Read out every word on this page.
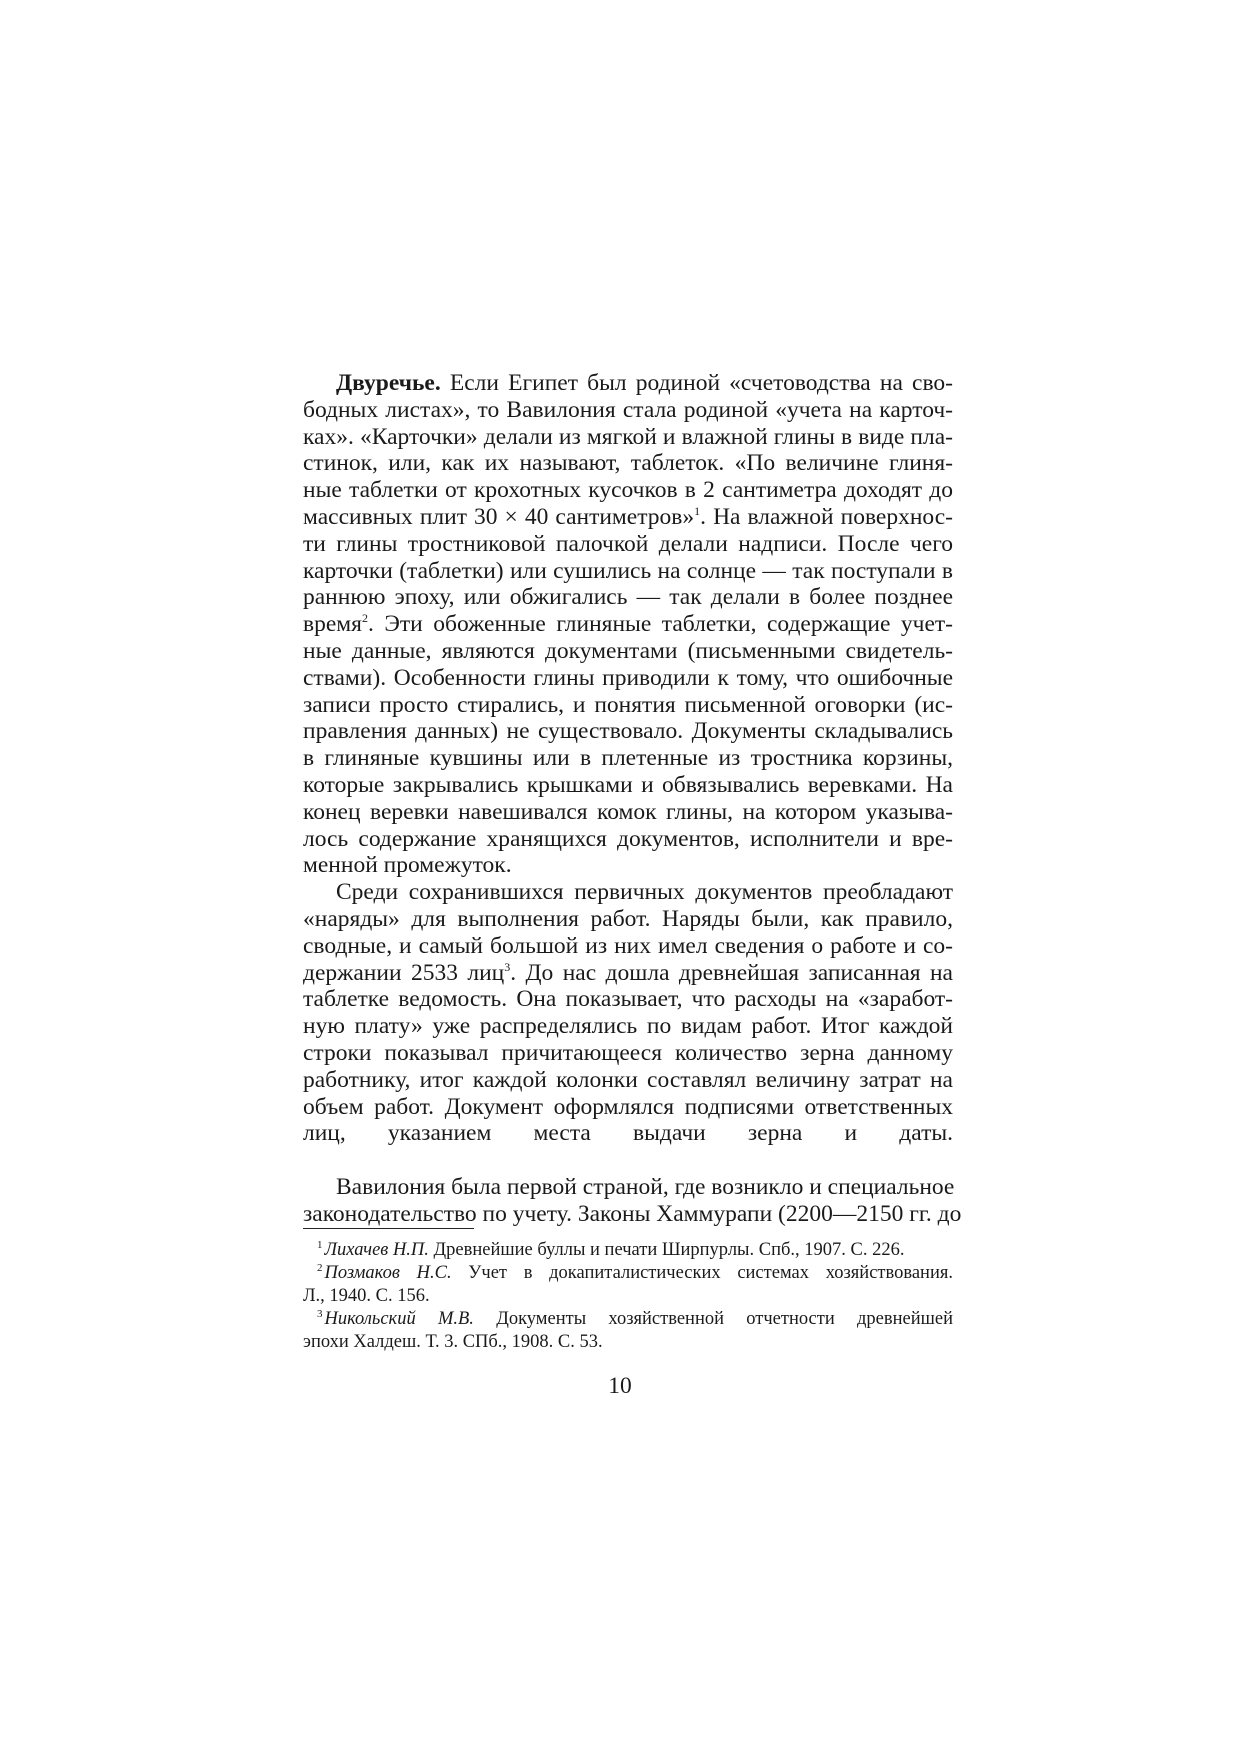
Двуречье. Если Египет был родиной «счетоводства на сво-
бодных листах», то Вавилония стала родиной «учета на карточ-
ках». «Карточки» делали из мягкой и влажной глины в виде пла-
стинок, или, как их называют, таблеток. «По величине глиня-
ные таблетки от крохотных кусочков в 2 сантиметра доходят до
массивных плит 30 × 40 сантиметров»$^1$. На влажной поверхнос-
ти глины тростниковой палочкой делали надписи. После чего
карточки (таблетки) или сушились на солнце — так поступали в
раннюю эпоху, или обжигались — так делали в более позднее
время$^2$. Эти обоженные глиняные таблетки, содержащие учет-
ные данные, являются документами (письменными свидетель-
ствами). Особенности глины приводили к тому, что ошибочные
записи просто стирались, и понятия письменной оговорки (ис-
правления данных) не существовало. Документы складывались
в глиняные кувшины или в плетенные из тростника корзины,
которые закрывались крышками и обвязывались веревками. На
конец веревки навешивался комок глины, на котором указыва-
лось содержание хранящихся документов, исполнители и вре-
менной промежуток.
Среди сохранившихся первичных документов преобладают
«наряды» для выполнения работ. Наряды были, как правило,
сводные, и самый большой из них имел сведения о работе и со-
держании 2533 лиц$^3$. До нас дошла древнейшая записанная на
таблетке ведомость. Она показывает, что расходы на «заработ-
ную плату» уже распределялись по видам работ. Итог каждой
строки показывал причитающееся количество зерна данному
работнику, итог каждой колонки составлял величину затрат на
объем работ. Документ оформлялся подписями ответственных
лиц, указанием места выдачи зерна и даты.
Вавилония была первой страной, где возникло и специальное
законодательство по учету. Законы Хаммурапи (2200—2150 гг. до
$^1$ Лихачев Н.П. Древнейшие буллы и печати Ширпурлы. Спб., 1907. С. 226.
$^2$ Позмаков Н.С. Учет в докапиталистических системах хозяйствования.
Л., 1940. С. 156.
$^3$ Никольский М.В. Документы хозяйственной отчетности древнейшей
эпохи Халдеш. Т. 3. СПб., 1908. С. 53.
10
